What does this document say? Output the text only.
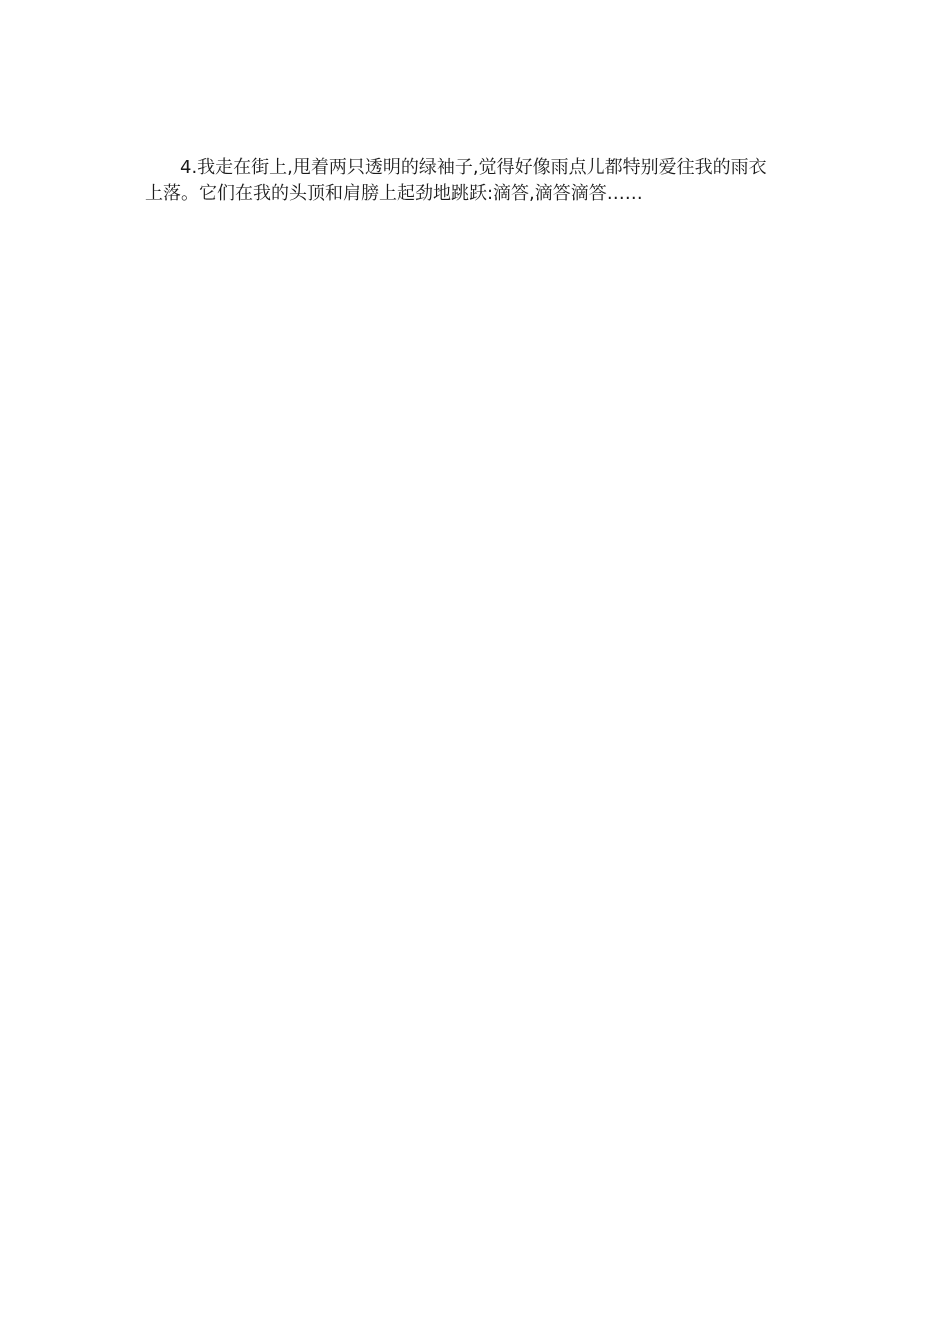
4.我走在街上,甩着两只透明的绿袖子,觉得好像雨点儿都特别爱往我的雨衣
上落。它们在我的头顶和肩膀上起劲地跳跃:滴答,滴答滴答……
